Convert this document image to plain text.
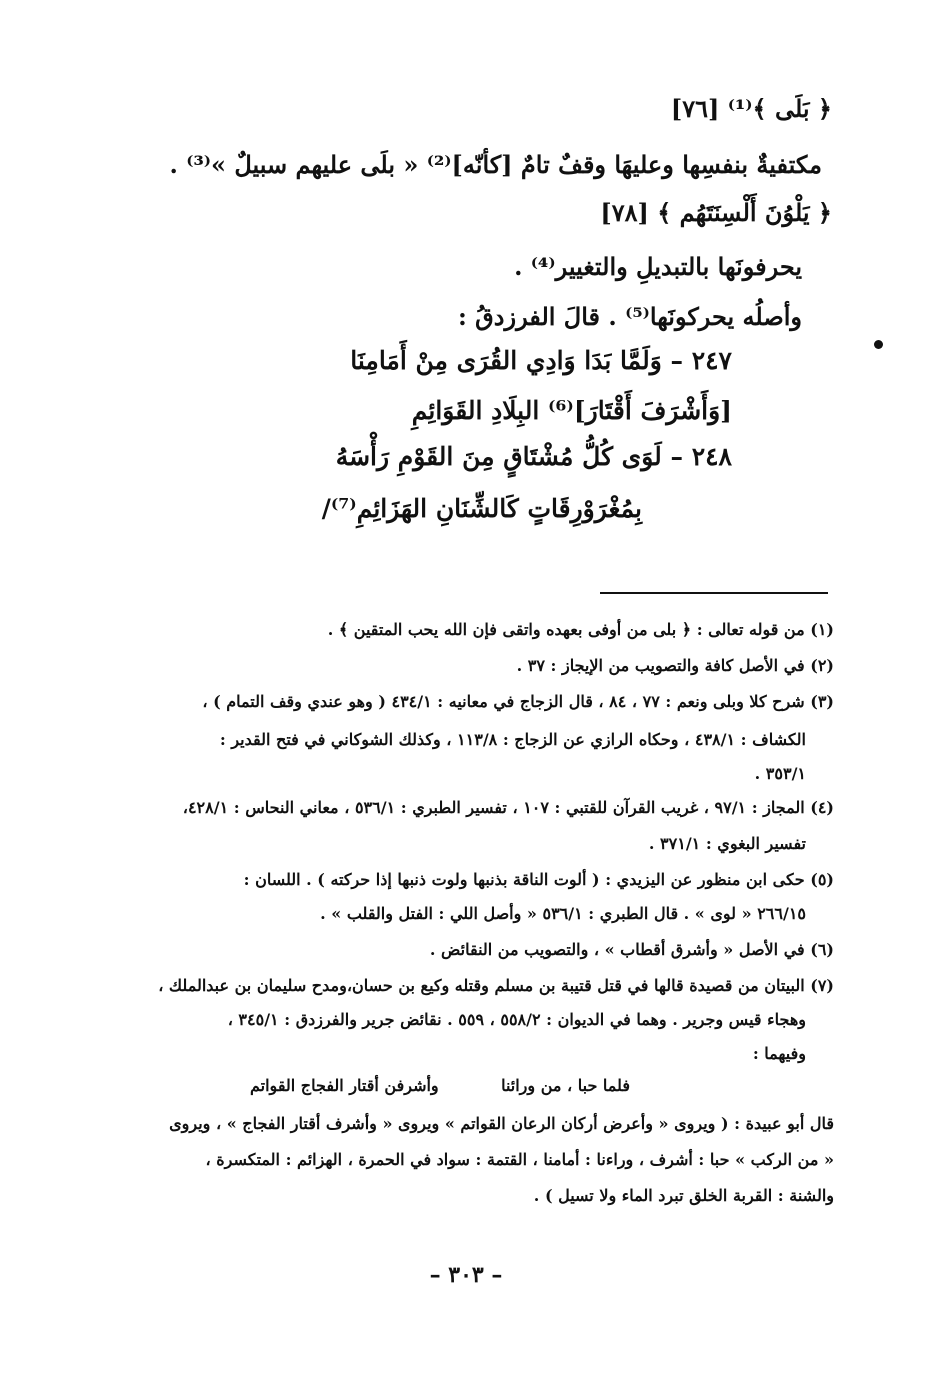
﴿ بَلَى ﴾⁽¹⁾ [٧٦]
مكتفيةٌ بنفسِها وعليهَا وقفٌ تامٌ [كأنّه]⁽²⁾ « بلَى عليهم سبيلٌ »⁽³⁾ .
﴿ يَلْوُنَ أَلْسِنَتَهُم ﴾ [٧٨]
يحرفونَها بالتبديلِ والتغيير⁽⁴⁾ .
وأصلُه يحركونَها⁽⁵⁾ . قالَ الفرزدقُ :
٢٤٧ – وَلَمَّا بَدَا وَادِي القُرَى مِنْ أَمَامِنَا
[وَأَشْرَفَ أَقْتَارَ]⁽⁶⁾ البِلَادِ القَوَائِمِ
٢٤٨ – لَوَى كُلُّ مُشْتَاقٍ مِنَ القَوْمِ رَأْسَهُ
بِمُغْرَوْرِقَاتٍ كَالشِّنَانِ الهَزَائِمِ⁽⁷⁾/
(١) من قوله تعالى : ﴿ بلى من أوفى بعهده واتقى فإن الله يحب المتقين ﴾ .
(٢) في الأصل كافة والتصويب من الإيجاز : ٣٧ .
(٣) شرح كلا وبلى ونعم : ٧٧ ، ٨٤ ، قال الزجاج في معانيه : ٤٣٤/١ ( وهو عندي وقف التمام ) ،
الكشاف : ٤٣٨/١ ، وحكاه الرازي عن الزجاج : ١١٣/٨ ، وكذلك الشوكاني في فتح القدير :
٣٥٣/١ .
(٤) المجاز : ٩٧/١ ، غريب القرآن للقتبي : ١٠٧ ، تفسير الطبري : ٥٣٦/١ ، معاني النحاس : ٤٢٨/١،
تفسير البغوي : ٣٧١/١ .
(٥) حكى ابن منظور عن اليزيدي : ( ألوت الناقة بذنبها ولوت ذنبها إذا حركته ) . اللسان :
٢٦٦/١٥ « لوى » . قال الطبري : ٥٣٦/١ « وأصل اللي : الفتل والقلب » .
(٦) في الأصل « وأشرق أقطاب » ، والتصويب من النقائض .
(٧) البيتان من قصيدة قالها في قتل قتيبة بن مسلم وقتله وكيع بن حسان،ومدح سليمان بن عبدالملك ،
وهجاء قيس وجرير . وهما في الديوان : ٥٥٨/٢ ، ٥٥٩ . نقائض جرير والفرزدق : ٣٤٥/١ ،
وفيهما :
فلما حبا ، من ورائنا
وأشرفن أقتار الفجاج القواتم
قال أبو عبيدة : ( ويروى « وأعرض أركان الرعان القواتم » ويروى « وأشرف أقتار الفجاج » ، ويروى
« من الركب » حبا : أشرف ، وراءنا : أمامنا ، القتمة : سواد في الحمرة ، الهزائم : المتكسرة ،
والشنة : القربة الخلق تبرد الماء ولا تسيل ) .
– ٣٠٣ –
